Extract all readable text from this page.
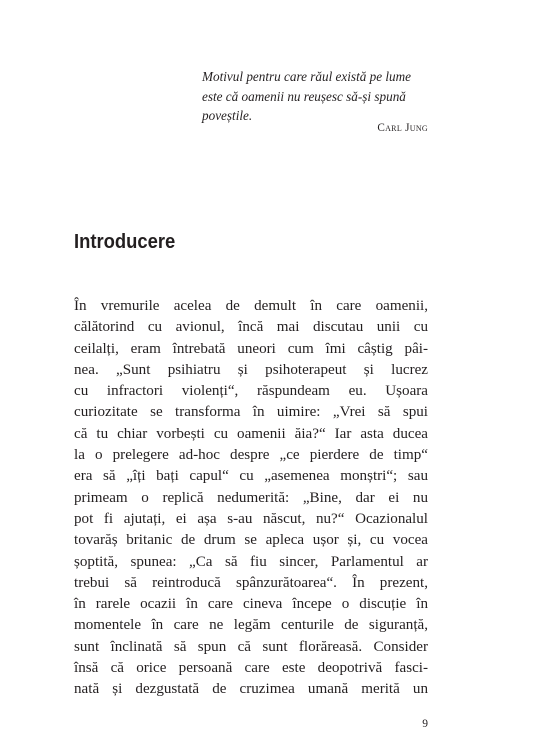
Motivul pentru care răul există pe lume
este că oamenii nu reușesc să-și spună
poveștile.
Carl Jung
Introducere
În vremurile acelea de demult în care oamenii,
călătorind cu avionul, încă mai discutau unii cu
ceilalți, eram întrebată uneori cum îmi câștig pâi-
nea. „Sunt psihiatru și psihoterapeut și lucrez
cu infractori violenți“, răspundeam eu. Ușoara
curiozitate se transforma în uimire: „Vrei să spui
că tu chiar vorbești cu oamenii ăia?“ Iar asta ducea
la o prelegere ad-hoc despre „ce pierdere de timp“
era să „îți bați capul“ cu „asemenea monștri“; sau
primeam o replică nedumerită: „Bine, dar ei nu
pot fi ajutați, ei așa s-au născut, nu?“ Ocazionalul
tovarăș britanic de drum se apleca ușor și, cu vocea
șoptită, spunea: „Ca să fiu sincer, Parlamentul ar
trebui să reintroducă spânzurătoarea“. În prezent,
în rarele ocazii în care cineva începe o discuție în
momentele în care ne legăm centurile de siguranță,
sunt înclinată să spun că sunt florăreasă. Consider
însă că orice persoană care este deopotrivă fasci-
nată și dezgustată de cruzimea umană merită un
9
